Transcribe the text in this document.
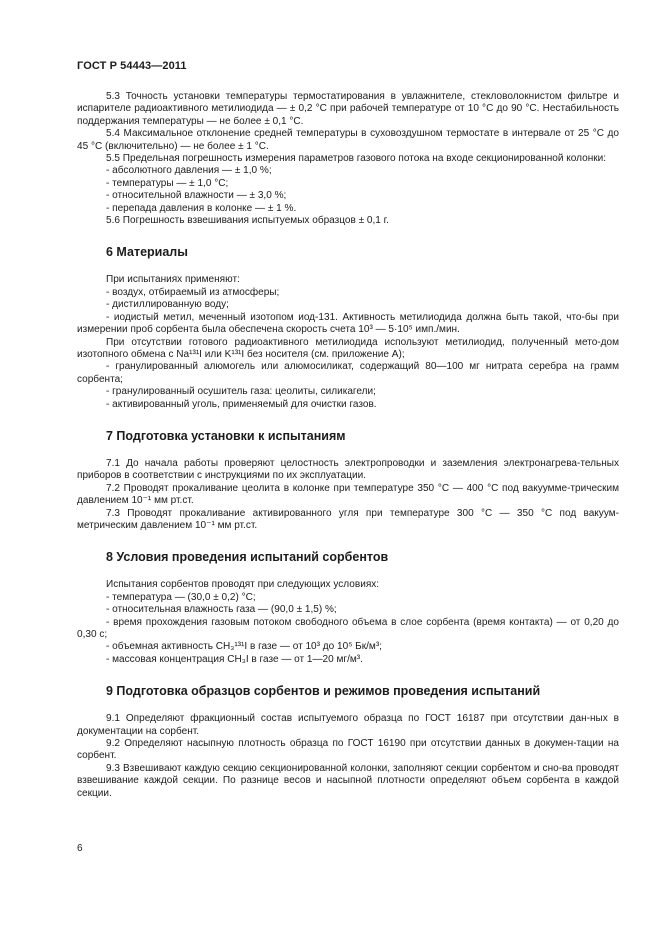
ГОСТ Р 54443—2011

5.3 Точность установки температуры термостатирования в увлажнителе, стекловолокнистом фильтре и испарителе радиоактивного метилиодида — ± 0,2 °С при рабочей температуре от 10 °С до 90 °С. Нестабильность поддержания температуры — не более ± 0,1 °С.

5.4 Максимальное отклонение средней температуры в суховоздушном термостате в интервале от 25 °С до 45 °С (включительно) — не более ± 1 °С.

5.5 Предельная погрешность измерения параметров газового потока на входе секционированной колонки:

- абсолютного давления — ± 1,0 %;

- температуры — ± 1,0 °С;

- относительной влажности — ± 3,0 %;

- перепада давления в колонке — ± 1 %.

5.6 Погрешность взвешивания испытуемых образцов ± 0,1 г.

6 Материалы

При испытаниях применяют:

- воздух, отбираемый из атмосферы;

- дистиллированную воду;

- иодистый метил, меченный изотопом иод-131. Активность метилиодида должна быть такой, что-бы при измерении проб сорбента была обеспечена скорость счета 10³ — 5·10⁵ имп./мин.

При отсутствии готового радиоактивного метилиодида используют метилиодид, полученный мето-дом изотопного обмена с Na¹³¹I или K¹³¹I без носителя (см. приложение А);

- гранулированный алюмогель или алюмосиликат, содержащий 80—100 мг нитрата серебра на грамм сорбента;

- гранулированный осушитель газа: цеолиты, силикагели;

- активированный уголь, применяемый для очистки газов.

7 Подготовка установки к испытаниям

7.1 До начала работы проверяют целостность электропроводки и заземления электронагрева-тельных приборов в соответствии с инструкциями по их эксплуатации.

7.2 Проводят прокаливание цеолита в колонке при температуре 350 °С — 400 °С под вакуумме-трическим давлением 10⁻¹ мм рт.ст.

7.3 Проводят прокаливание активированного угля при температуре 300 °С — 350 °С под вакуум-метрическим давлением 10⁻¹ мм рт.ст.

8 Условия проведения испытаний сорбентов

Испытания сорбентов проводят при следующих условиях:

- температура — (30,0 ± 0,2) °С;

- относительная влажность газа — (90,0 ± 1,5) %;

- время прохождения газовым потоком свободного объема в слое сорбента (время контакта) — от 0,20 до 0,30 с;

- объемная активность CH₃¹³¹I в газе — от 10³ до 10⁵ Бк/м³;

- массовая концентрация CH₃I в газе — от 1—20 мг/м³.

9 Подготовка образцов сорбентов и режимов проведения испытаний

9.1 Определяют фракционный состав испытуемого образца по ГОСТ 16187 при отсутствии дан-ных в документации на сорбент.

9.2 Определяют насыпную плотность образца по ГОСТ 16190 при отсутствии данных в докумен-тации на сорбент.

9.3 Взвешивают каждую секцию секционированной колонки, заполняют секции сорбентом и сно-ва проводят взвешивание каждой секции. По разнице весов и насыпной плотности определяют объем сорбента в каждой секции.

6
